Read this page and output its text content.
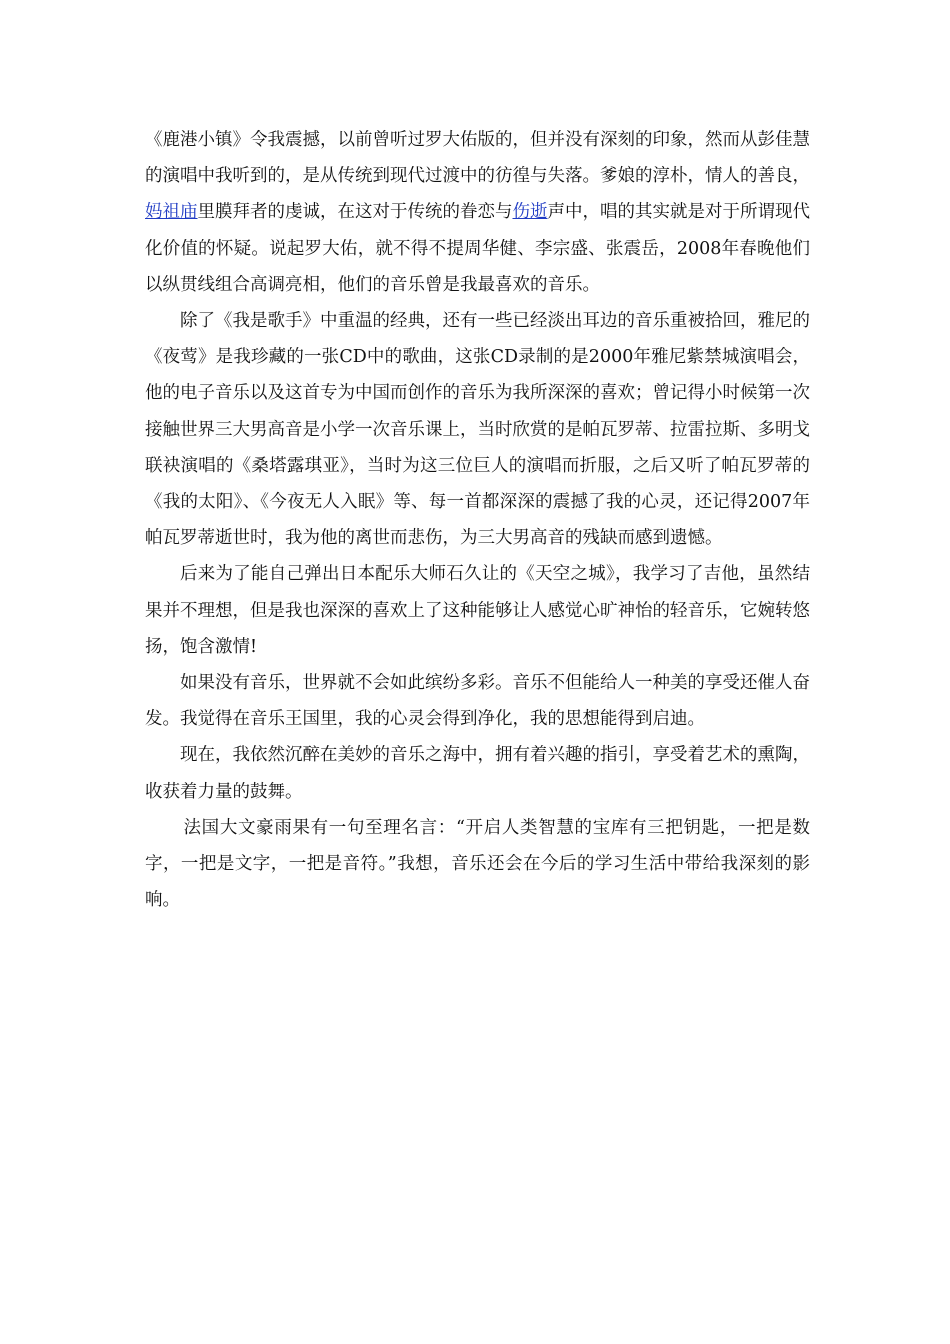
《鹿港小镇》令我震撼，以前曾听过罗大佑版的，但并没有深刻的印象，然而从彭佳慧的演唱中我听到的，是从传统到现代过渡中的彷徨与失落。爹娘的淳朴，情人的善良，妈祖庙里膜拜者的虔诚，在这对于传统的眷恋与伤逝声中，唱的其实就是对于所谓现代化价值的怀疑。说起罗大佑，就不得不提周华健、李宗盛、张震岳，2008年春晚他们以纵贯线组合高调亮相，他们的音乐曾是我最喜欢的音乐。

除了《我是歌手》中重温的经典，还有一些已经淡出耳边的音乐重被拾回，雅尼的《夜莺》是我珍藏的一张CD中的歌曲，这张CD录制的是2000年雅尼紫禁城演唱会，他的电子音乐以及这首专为中国而创作的音乐为我所深深的喜欢；曾记得小时候第一次接触世界三大男高音是小学一次音乐课上，当时欣赏的是帕瓦罗蒂、拉雷拉斯、多明戈联袂演唱的《桑塔露琪亚》，当时为这三位巨人的演唱而折服，之后又听了帕瓦罗蒂的《我的太阳》、《今夜无人入眠》等、每一首都深深的震撼了我的心灵，还记得2007年帕瓦罗蒂逝世时，我为他的离世而悲伤，为三大男高音的残缺而感到遗憾。

后来为了能自己弹出日本配乐大师石久让的《天空之城》，我学习了吉他，虽然结果并不理想，但是我也深深的喜欢上了这种能够让人感觉心旷神怡的轻音乐，它婉转悠扬，饱含激情!

如果没有音乐，世界就不会如此缤纷多彩。音乐不但能给人一种美的享受还催人奋发。我觉得在音乐王国里，我的心灵会得到净化，我的思想能得到启迪。

现在，我依然沉醉在美妙的音乐之海中，拥有着兴趣的指引，享受着艺术的熏陶，收获着力量的鼓舞。

法国大文豪雨果有一句至理名言：“开启人类智慧的宝库有三把钥匙，一把是数字，一把是文字，一把是音符。”我想，音乐还会在今后的学习生活中带给我深刻的影响。
